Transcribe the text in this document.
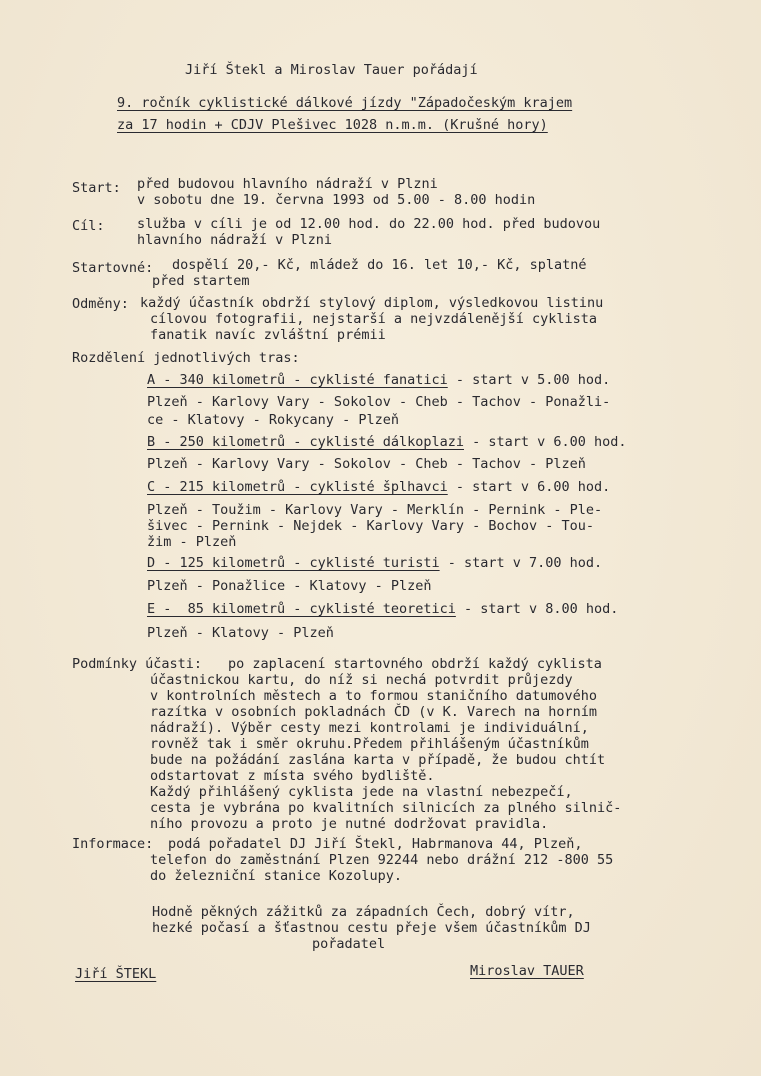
Jiří Štekl a Miroslav Tauer pořádají
9. ročník cyklistické dálkové jízdy "Západočeským krajem
za 17 hodin + CDJV Plešivec 1028 n.m.m. (Krušné hory)
Start: před budovou hlavního nádraží v Plzni
v sobotu dne 19. června 1993 od 5.00 - 8.00 hodin
Cíl: služba v cíli je od 12.00 hod. do 22.00 hod. před budovou
hlavního nádraží v Plzni
Startovné: dospělí 20,- Kč, mládež do 16. let 10,- Kč, splatné
před startem
Odměny: každý účastník obdrží stylový diplom, výsledkovou listinu
cílovou fotografii, nejstarší a nejvzdálenější cyklista
fanatik navíc zvláštní prémii
Rozdělení jednotlivých tras:
A - 340 kilometrů - cyklisté fanatici - start v 5.00 hod.
Plzeň - Karlovy Vary - Sokolov - Cheb - Tachov - Ponažli-
ce - Klatovy - Rokycany - Plzeň
B - 250 kilometrů - cyklisté dálkoplazi - start v 6.00 hod.
Plzeň - Karlovy Vary - Sokolov - Cheb - Tachov - Plzeň
C - 215 kilometrů - cyklisté šplhavci - start v 6.00 hod.
Plzeň - Toužim - Karlovy Vary - Merklín - Pernink - Ple-
šivec - Pernink - Nejdek - Karlovy Vary - Bochov - Tou-
žim - Plzeň
D - 125 kilometrů - cyklisté turisti - start v 7.00 hod.
Plzeň - Ponažlice - Klatovy - Plzeň
E -  85 kilometrů - cyklisté teoretici - start v 8.00 hod.
Plzeň - Klatovy - Plzeň
Podmínky účasti: po zaplacení startovného obdrží každý cyklista
účastnickou kartu, do níž si nechá potvrdit průjezdy
v kontrolních městech a to formou staničního datumového
razítka v osobních pokladnách ČD (v K. Varech na horním
nádraží). Výběr cesty mezi kontrolami je individuální,
rovněž tak i směr okruhu.Předem přihlášeným účastníkům
bude na požádání zaslána karta v případě, že budou chtít
odstartovat z místa svého bydliště.
Každý přihlášený cyklista jede na vlastní nebezpečí,
cesta je vybrána po kvalitních silnicích za plného silnič-
ního provozu a proto je nutné dodržovat pravidla.
Informace: podá pořadatel DJ Jiří Štekl, Habrmanova 44, Plzeň,
telefon do zaměstnání Plzen 92244 nebo drážní 212 -800 55
do železniční stanice Kozolupy.
Hodně pěkných zážitků za západních Čech, dobrý vítr,
hezké počasí a šťastnou cestu přeje všem účastníkům DJ
pořadatel
Jiří ŠTEKL	Miroslav TAUER
